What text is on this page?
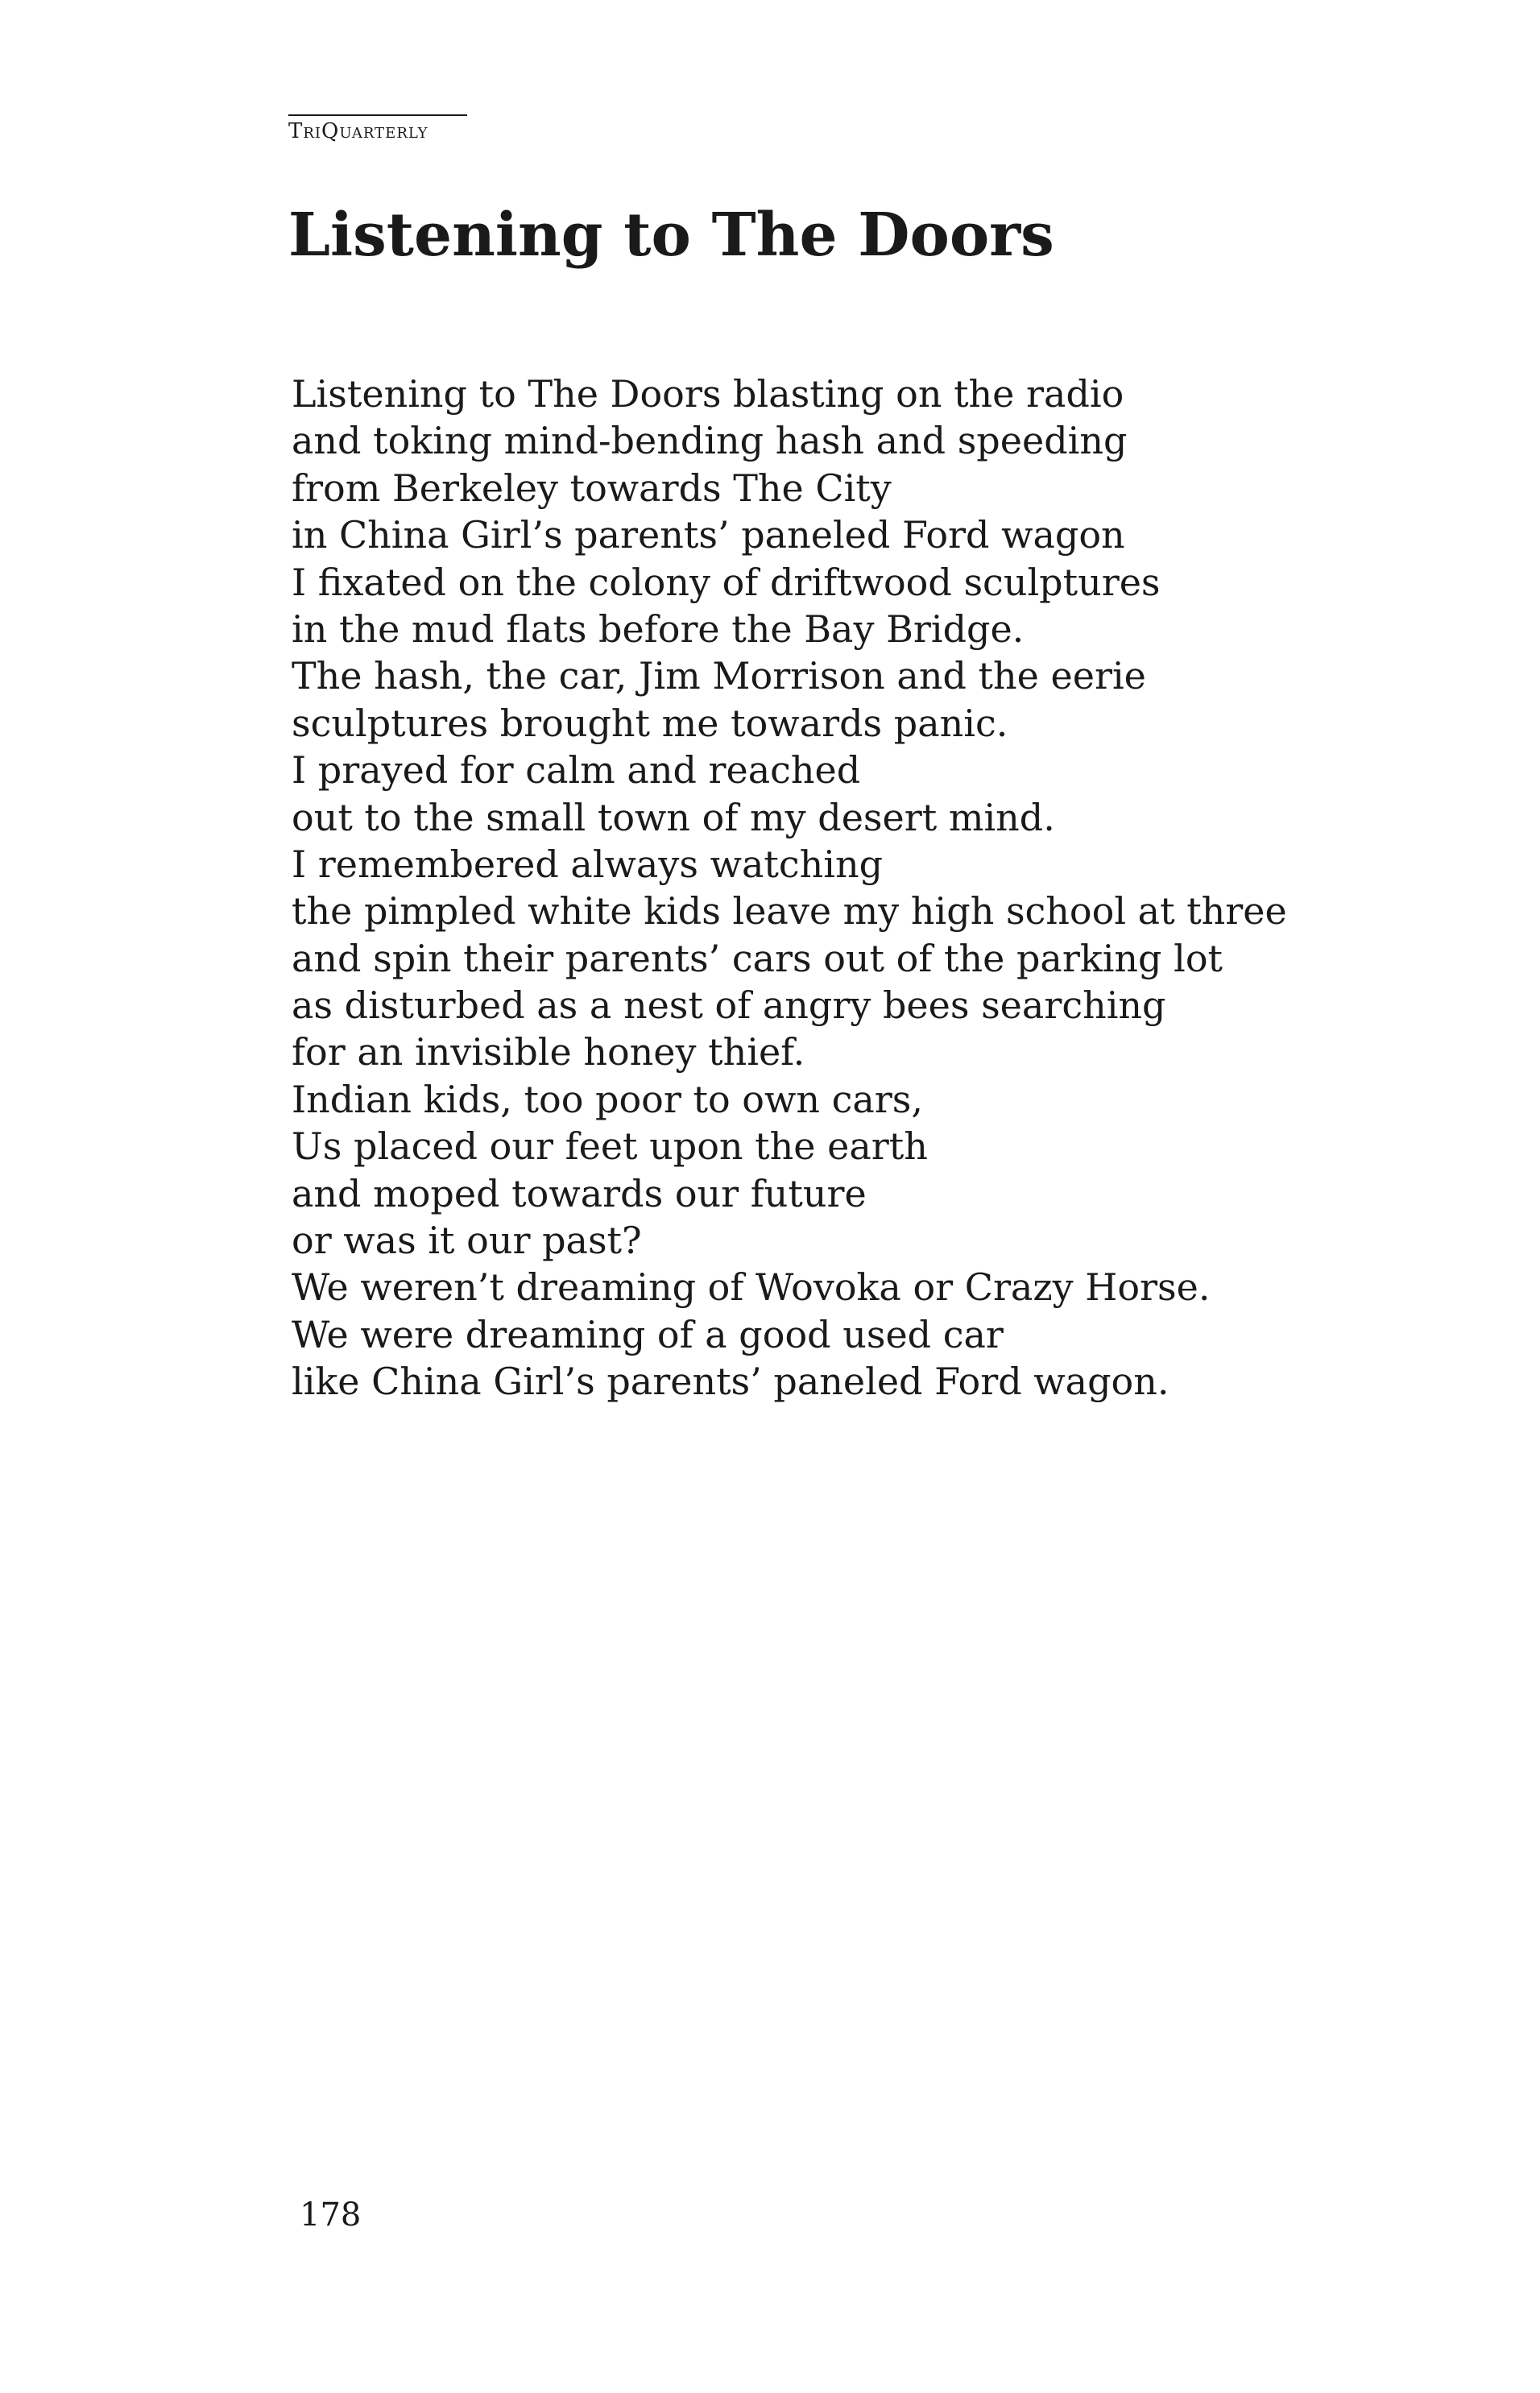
TriQuarterly
Listening to The Doors
Listening to The Doors blasting on the radio
and toking mind-bending hash and speeding
from Berkeley towards The City
in China Girl’s parents’ paneled Ford wagon
I fixated on the colony of driftwood sculptures
in the mud flats before the Bay Bridge.
The hash, the car, Jim Morrison and the eerie
sculptures brought me towards panic.
I prayed for calm and reached
out to the small town of my desert mind.
I remembered always watching
the pimpled white kids leave my high school at three
and spin their parents’ cars out of the parking lot
as disturbed as a nest of angry bees searching
for an invisible honey thief.
Indian kids, too poor to own cars,
Us placed our feet upon the earth
and moped towards our future
or was it our past?
We weren’t dreaming of Wovoka or Crazy Horse.
We were dreaming of a good used car
like China Girl’s parents’ paneled Ford wagon.
178
